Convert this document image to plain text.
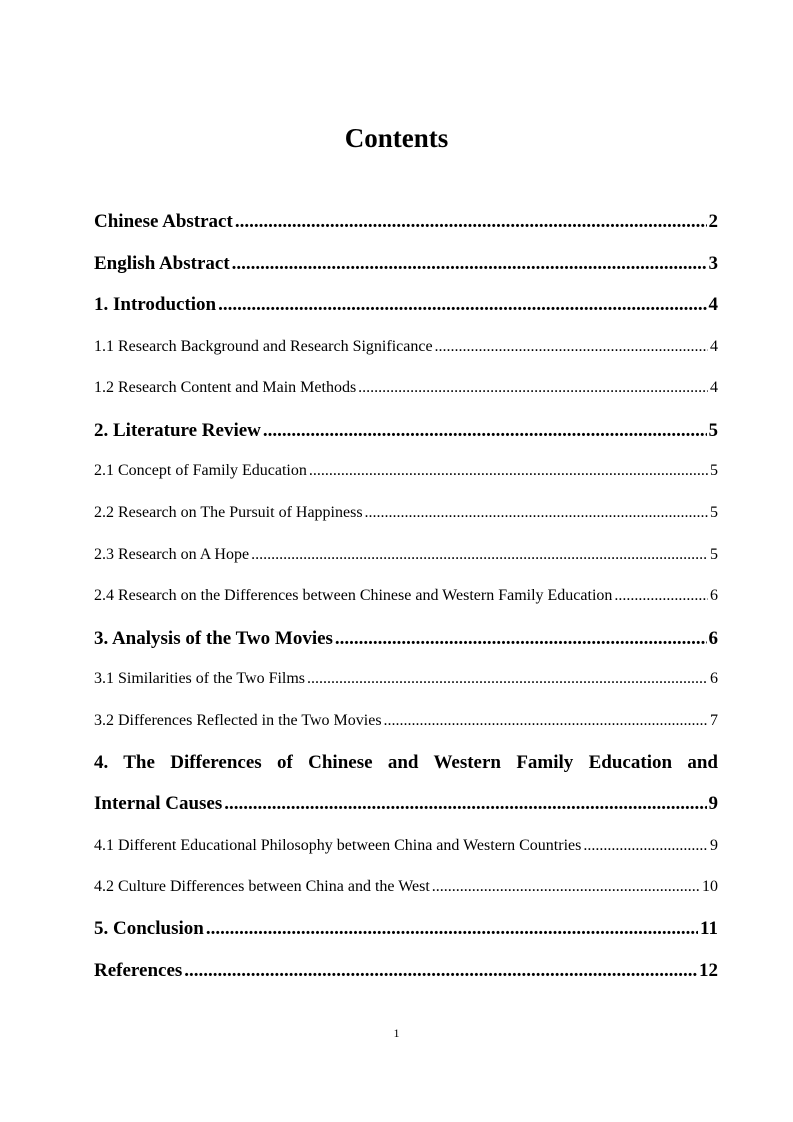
Contents
Chinese Abstract .....	2
English Abstract .....	3
1. Introduction .....	4
1.1 Research Background and Research Significance .....	4
1.2 Research Content and Main Methods .....	4
2. Literature Review .....	5
2.1 Concept of Family Education .....	5
2.2 Research on The Pursuit of Happiness .....	5
2.3 Research on A Hope .....	5
2.4 Research on the Differences between Chinese and Western Family Education .....	6
3. Analysis of the Two Movies .....	6
3.1 Similarities of the Two Films .....	6
3.2 Differences Reflected in the Two Movies .....	7
4. The Differences of Chinese and Western Family Education and
Internal Causes .....	9
4.1 Different Educational Philosophy between China and Western Countries .....	9
4.2 Culture Differences between China and the West .....	10
5. Conclusion .....	11
References .....	12
1
